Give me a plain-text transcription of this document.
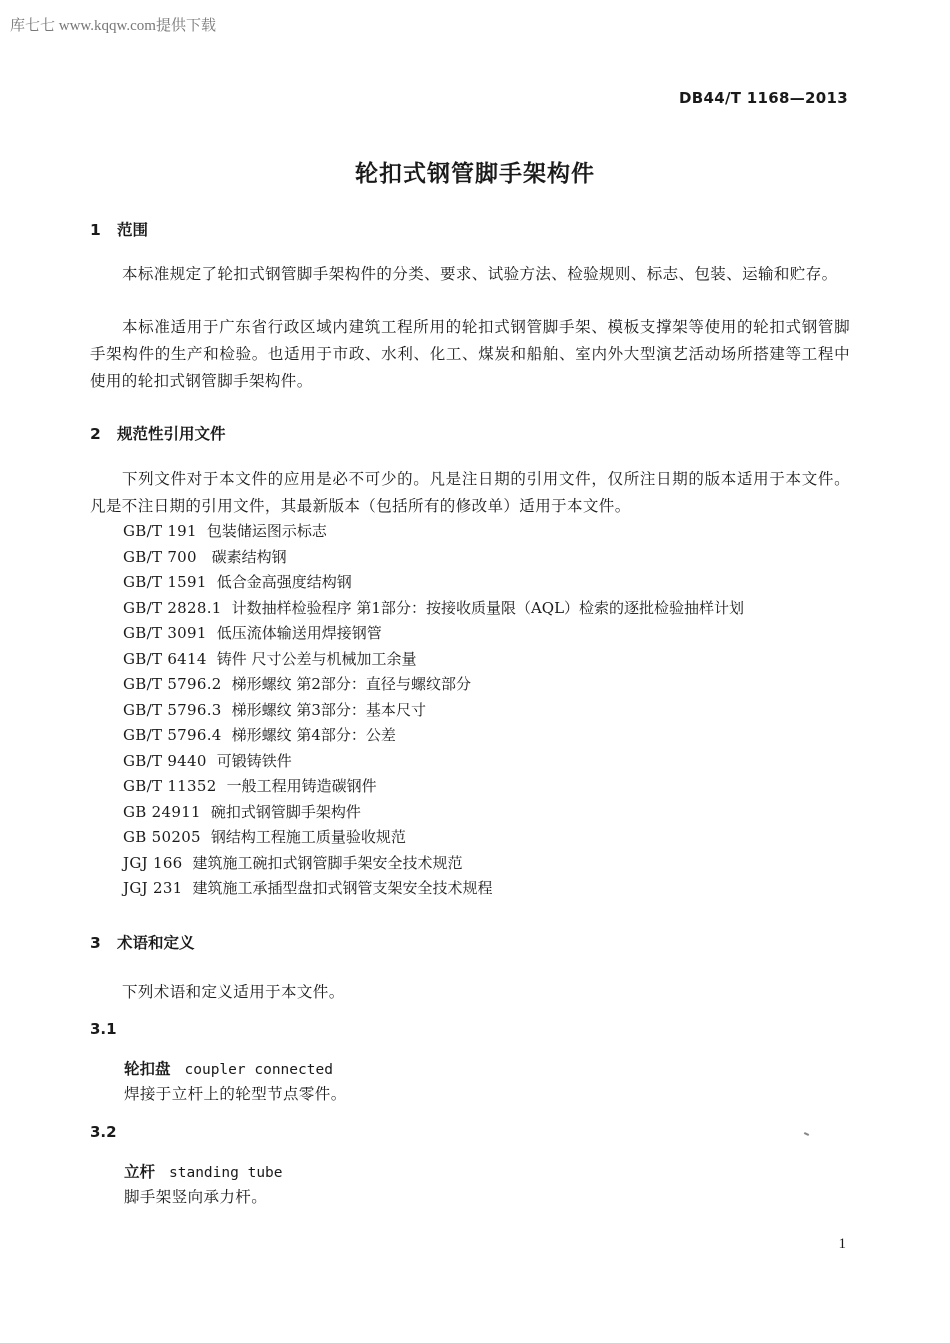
库七七 www.kqqw.com提供下载
DB44/T 1168—2013
轮扣式钢管脚手架构件
1 范围
本标准规定了轮扣式钢管脚手架构件的分类、要求、试验方法、检验规则、标志、包装、运输和贮存。
本标准适用于广东省行政区域内建筑工程所用的轮扣式钢管脚手架、模板支撑架等使用的轮扣式钢管脚手架构件的生产和检验。也适用于市政、水利、化工、煤炭和船舶、室内外大型演艺活动场所搭建等工程中使用的轮扣式钢管脚手架构件。
2 规范性引用文件
下列文件对于本文件的应用是必不可少的。凡是注日期的引用文件，仅所注日期的版本适用于本文件。凡是不注日期的引用文件，其最新版本（包括所有的修改单）适用于本文件。
GB/T 191 包装储运图示标志
GB/T 700 碳素结构钢
GB/T 1591 低合金高强度结构钢
GB/T 2828.1 计数抽样检验程序 第1部分：按接收质量限（AQL）检索的逐批检验抽样计划
GB/T 3091 低压流体输送用焊接钢管
GB/T 6414 铸件 尺寸公差与机械加工余量
GB/T 5796.2 梯形螺纹 第2部分：直径与螺纹部分
GB/T 5796.3 梯形螺纹 第3部分：基本尺寸
GB/T 5796.4 梯形螺纹 第4部分：公差
GB/T 9440 可锻铸铁件
GB/T 11352 一般工程用铸造碳钢件
GB 24911 碗扣式钢管脚手架构件
GB 50205 钢结构工程施工质量验收规范
JGJ 166 建筑施工碗扣式钢管脚手架安全技术规范
JGJ 231 建筑施工承插型盘扣式钢管支架安全技术规程
3 术语和定义
下列术语和定义适用于本文件。
3.1
轮扣盘 coupler connected
焊接于立杆上的轮型节点零件。
3.2
立杆 standing tube
脚手架竖向承力杆。
1
